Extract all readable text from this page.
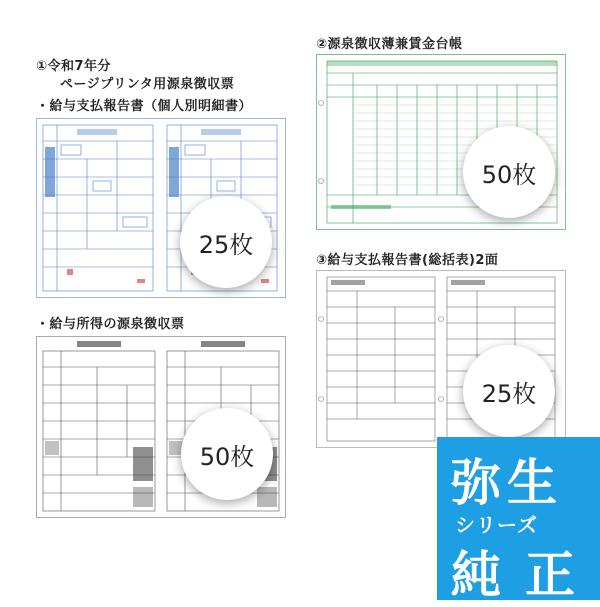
①令和7年分
ページプリンタ用源泉徴収票
・給与支払報告書（個人別明細書）
25枚
・給与所得の源泉徴収票
50枚
②源泉徴収薄兼賃金台帳
50枚
③給与支払報告書(総括表)2面
25枚
弥生
シリーズ
純正
